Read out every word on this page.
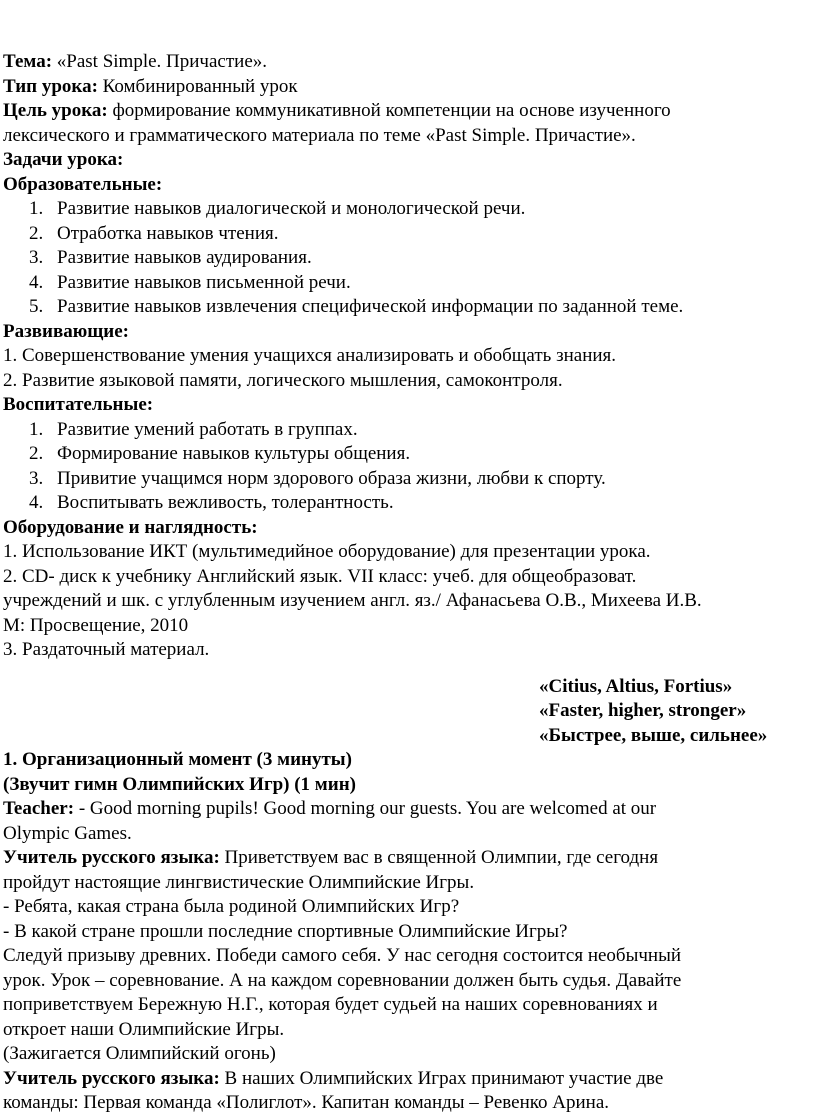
Тема: «Past Simple. Причастие».

Тип урока: Комбинированный урок

Цель урока: формирование коммуникативной компетенции на основе изученного

лексического и грамматического материала по теме «Past Simple. Причастие».

Задачи урока:

Образовательные:

1. Развитие навыков диалогической и монологической речи.
2. Отработка навыков чтения.
3. Развитие навыков аудирования.
4. Развитие навыков письменной речи.
5. Развитие навыков извлечения специфической информации по заданной теме.

Развивающие:

1. Совершенствование умения учащихся анализировать и обобщать знания.

2. Развитие языковой памяти, логического мышления, самоконтроля.

Воспитательные:

1. Развитие умений работать в группах.
2. Формирование навыков культуры общения.
3. Привитие учащимся норм здорового образа жизни, любви к спорту.
4. Воспитывать вежливость, толерантность.

Оборудование и наглядность:

1. Использование ИКТ (мультимедийное оборудование) для презентации урока.

2. CD- диск к учебнику Английский язык. VII класс: учеб. для общеобразоват.

учреждений и шк. с углубленным изучением англ. яз./ Афанасьева О.В., Михеева И.В.

М: Просвещение, 2010

3. Раздаточный материал.

«Citius, Altius, Fortius»

«Faster, higher, stronger»

«Быстрее, выше, сильнее»

1. Организационный момент (3 минуты)

(Звучит гимн Олимпийских Игр) (1 мин)

Teacher: - Good morning pupils! Good morning our guests. You are welcomed at our

Olympic Games.

Учитель русского языка: Приветствуем вас в священной Олимпии, где сегодня

пройдут настоящие лингвистические Олимпийские Игры.

- Ребята, какая страна была родиной Олимпийских Игр?

- В какой стране прошли последние спортивные Олимпийские Игры?

Следуй призыву древних. Победи самого себя. У нас сегодня состоится необычный

урок. Урок – соревнование. А на каждом соревновании должен быть судья. Давайте

поприветствуем Бережную Н.Г., которая будет судьей на наших соревнованиях и

откроет наши Олимпийские Игры.

(Зажигается Олимпийский огонь)

Учитель русского языка: В наших Олимпийских Играх принимают участие две

команды: Первая команда «Полиглот». Капитан команды – Ревенко Арина.
